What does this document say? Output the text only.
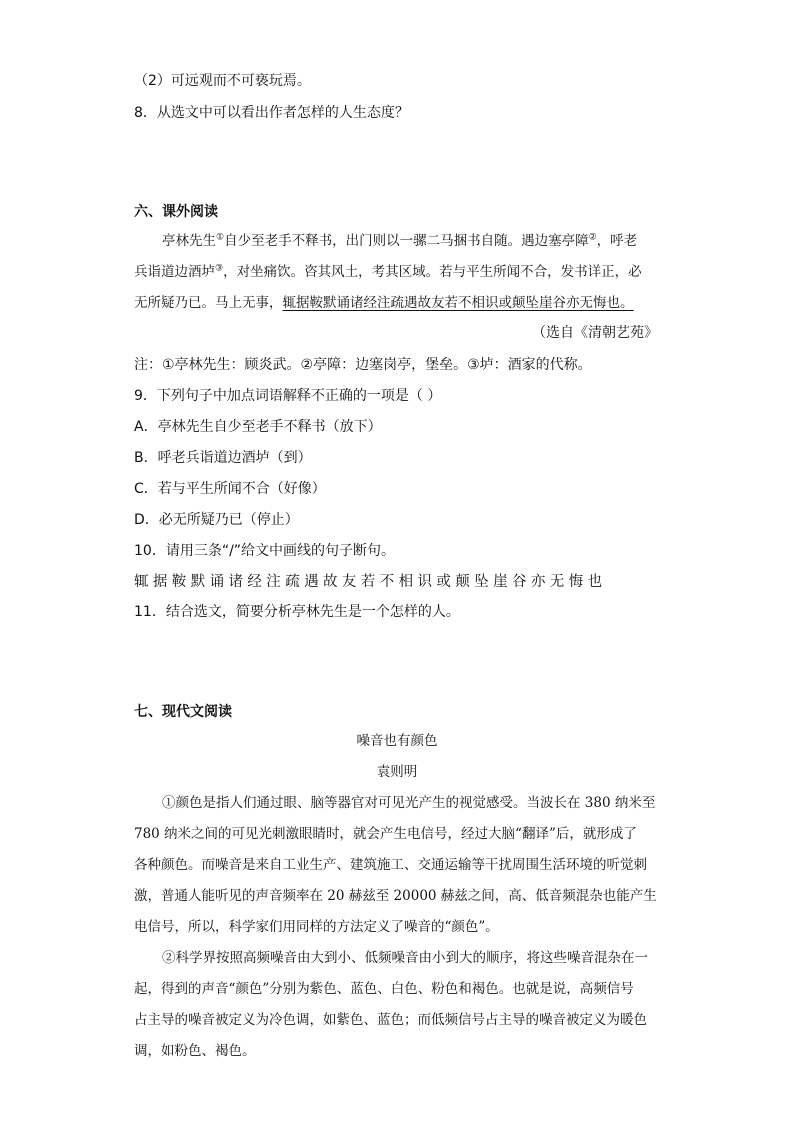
（2）可远观而不可亵玩焉。
8．从选文中可以看出作者怎样的人生态度？
六、课外阅读
亭林先生①自少至老手不释书，出门则以一骡二马捆书自随。遇边塞亭障②，呼老
兵诣道边酒垆③，对坐痛饮。咨其风土，考其区域。若与平生所闻不合，发书详正，必
无所疑乃已。马上无事，辄据鞍默诵诸经注疏遇故友若不相识或颠坠崖谷亦无悔也。
（选自《清朝艺苑》
注：①亭林先生：顾炎武。②亭障：边塞岗亭，堡垒。③垆：酒家的代称。
9．下列句子中加点词语解释不正确的一项是（ ）
A．亭林先生自少至老手不释书（放下）
B．呼老兵诣道边酒垆（到）
C．若与平生所闻不合（好像）
D．必无所疑乃已（停止）
10．请用三条“/”给文中画线的句子断句。
辄据鞍默诵诸经注疏遇故友若不相识或颠坠崖谷亦无悔也
11．结合选文，简要分析亭林先生是一个怎样的人。
七、现代文阅读
噪音也有颜色
袁则明
①颜色是指人们通过眼、脑等器官对可见光产生的视觉感受。当波长在 380 纳米至
780 纳米之间的可见光刺激眼睛时，就会产生电信号，经过大脑“翻译”后，就形成了
各种颜色。而噪音是来自工业生产、建筑施工、交通运输等干扰周围生活环境的听觉刺
激，普通人能听见的声音频率在 20 赫兹至 20000 赫兹之间，高、低音频混杂也能产生
电信号，所以，科学家们用同样的方法定义了噪音的“颜色”。
②科学界按照高频噪音由大到小、低频噪音由小到大的顺序，将这些噪音混杂在一
起，得到的声音“颜色”分别为紫色、蓝色、白色、粉色和褐色。也就是说，高频信号
占主导的噪音被定义为冷色调，如紫色、蓝色；而低频信号占主导的噪音被定义为暖色
调，如粉色、褐色。
